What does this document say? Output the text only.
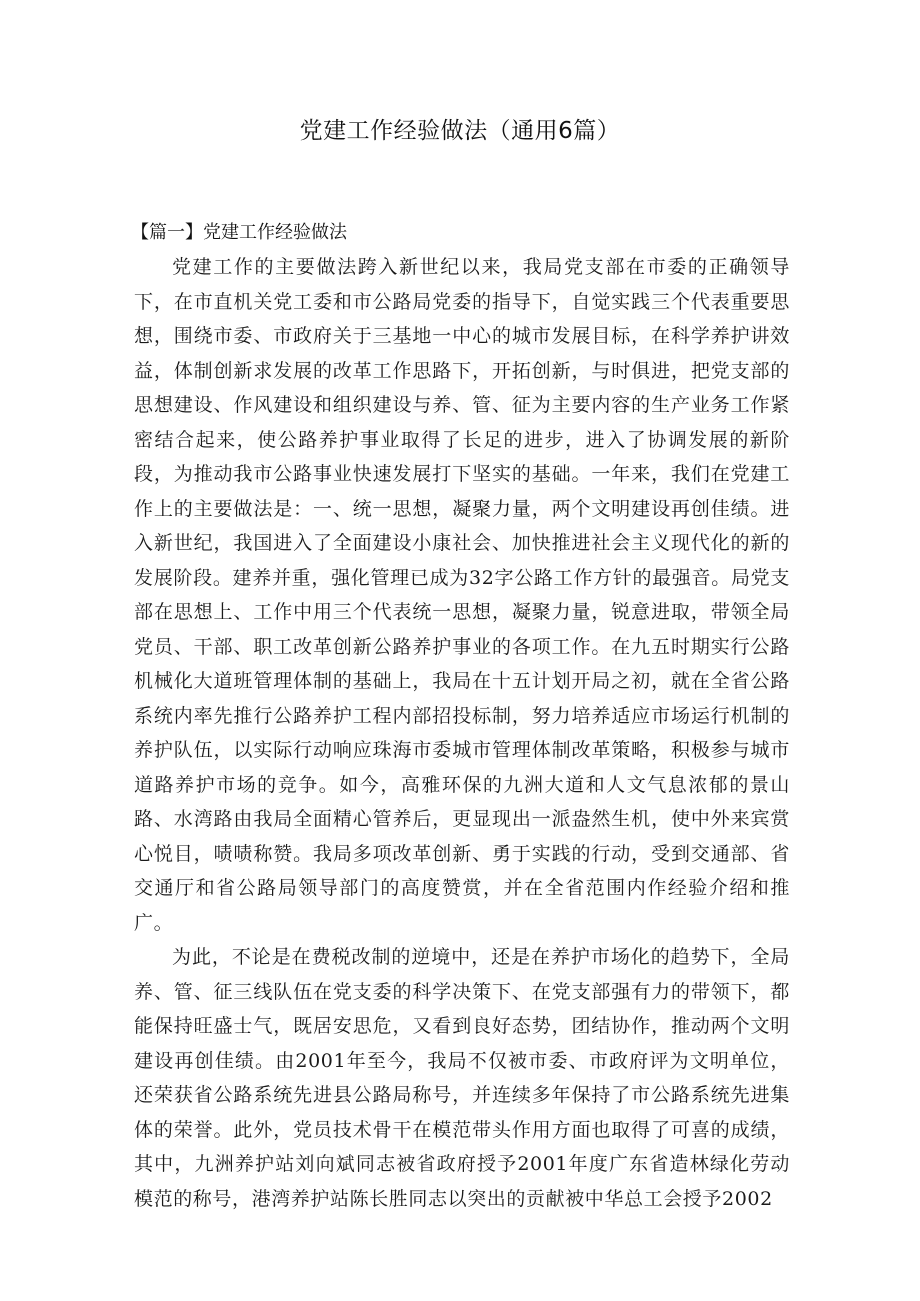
党建工作经验做法（通用6篇）
【篇一】党建工作经验做法

党建工作的主要做法跨入新世纪以来，我局党支部在市委的正确领导下，在市直机关党工委和市公路局党委的指导下，自觉实践三个代表重要思想，围绕市委、市政府关于三基地一中心的城市发展目标，在科学养护讲效益，体制创新求发展的改革工作思路下，开拓创新，与时俱进，把党支部的思想建设、作风建设和组织建设与养、管、征为主要内容的生产业务工作紧密结合起来，使公路养护事业取得了长足的进步，进入了协调发展的新阶段，为推动我市公路事业快速发展打下坚实的基础。一年来，我们在党建工作上的主要做法是：一、统一思想，凝聚力量，两个文明建设再创佳绩。进入新世纪，我国进入了全面建设小康社会、加快推进社会主义现代化的新的发展阶段。建养并重，强化管理已成为32字公路工作方针的最强音。局党支部在思想上、工作中用三个代表统一思想，凝聚力量，锐意进取，带领全局党员、干部、职工改革创新公路养护事业的各项工作。在九五时期实行公路机械化大道班管理体制的基础上，我局在十五计划开局之初，就在全省公路系统内率先推行公路养护工程内部招投标制，努力培养适应市场运行机制的养护队伍，以实际行动响应珠海市委城市管理体制改革策略，积极参与城市道路养护市场的竞争。如今，高雅环保的九洲大道和人文气息浓郁的景山路、水湾路由我局全面精心管养后，更显现出一派盎然生机，使中外来宾赏心悦目，啧啧称赞。我局多项改革创新、勇于实践的行动，受到交通部、省交通厅和省公路局领导部门的高度赞赏，并在全省范围内作经验介绍和推广。

为此，不论是在费税改制的逆境中，还是在养护市场化的趋势下，全局养、管、征三线队伍在党支委的科学决策下、在党支部强有力的带领下，都能保持旺盛士气，既居安思危，又看到良好态势，团结协作，推动两个文明建设再创佳绩。由2001年至今，我局不仅被市委、市政府评为文明单位，还荣获省公路系统先进县公路局称号，并连续多年保持了市公路系统先进集体的荣誉。此外，党员技术骨干在模范带头作用方面也取得了可喜的成绩，其中，九洲养护站刘向斌同志被省政府授予2001年度广东省造林绿化劳动模范的称号，港湾养护站陈长胜同志以突出的贡献被中华总工会授予2002
